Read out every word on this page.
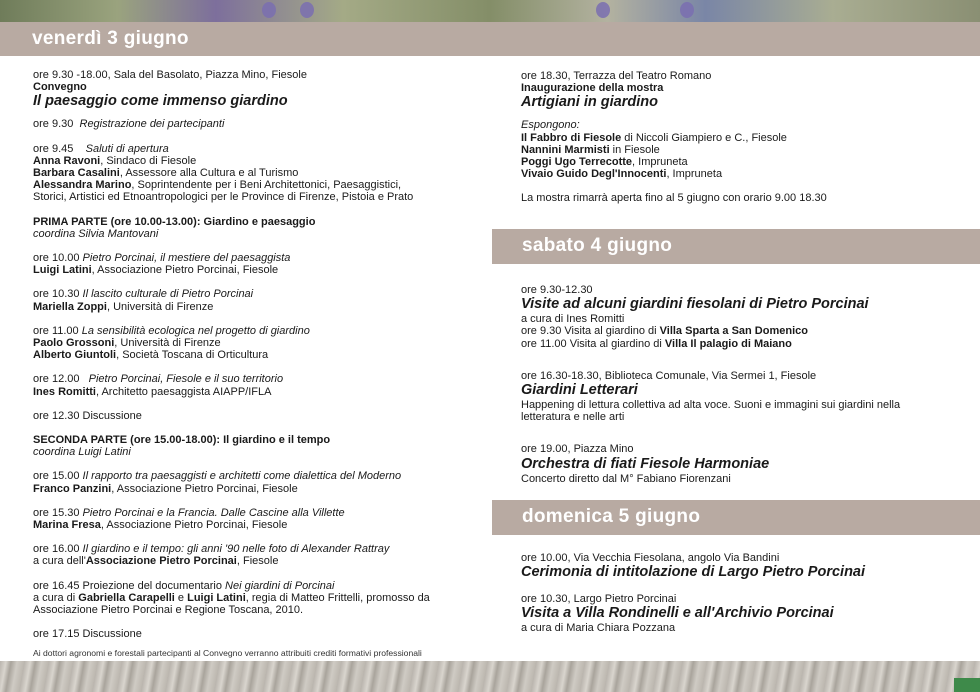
venerdì 3 giugno
sabato 4 giugno
domenica 5 giugno

ore 9.30 -18.00, Sala del Basolato, Piazza Mino, Fiesole

Convegno

Il paesaggio come immenso giardino

ore 9.30 Registrazione dei partecipanti

ore 9.45 Saluti di apertura

Anna Ravoni, Sindaco di Fiesole

Barbara Casalini, Assessore alla Cultura e al Turismo

Alessandra Marino, Soprintendente per i Beni Architettonici, Paesaggistici,

Storici, Artistici ed Etnoantropologici per le Province di Firenze, Pistoia e Prato

PRIMA PARTE (ore 10.00-13.00): Giardino e paesaggio

coordina Silvia Mantovani

ore 10.00 Pietro Porcinai, il mestiere del paesaggista

Luigi Latini, Associazione Pietro Porcinai, Fiesole

ore 10.30 Il lascito culturale di Pietro Porcinai

Mariella Zoppi, Università di Firenze

ore 11.00 La sensibilità ecologica nel progetto di giardino

Paolo Grossoni, Università di Firenze

Alberto Giuntoli, Società Toscana di Orticultura

ore 12.00 Pietro Porcinai, Fiesole e il suo territorio

Ines Romitti, Architetto paesaggista AIAPP/IFLA

ore 12.30 Discussione

SECONDA PARTE (ore 15.00-18.00): Il giardino e il tempo

coordina Luigi Latini

ore 15.00 Il rapporto tra paesaggisti e architetti come dialettica del Moderno

Franco Panzini, Associazione Pietro Porcinai, Fiesole

ore 15.30 Pietro Porcinai e la Francia. Dalle Cascine alla Villette

Marina Fresa, Associazione Pietro Porcinai, Fiesole

ore 16.00 Il giardino e il tempo: gli anni '90 nelle foto di Alexander Rattray

a cura dell'Associazione Pietro Porcinai, Fiesole

ore 16.45 Proiezione del documentario Nei giardini di Porcinai

a cura di Gabriella Carapelli e Luigi Latini, regia di Matteo Frittelli, promosso da

Associazione Pietro Porcinai e Regione Toscana, 2010.

ore 17.15 Discussione

Ai dottori agronomi e forestali partecipanti al Convegno verranno attribuiti crediti formativi professionali

ore 18.30, Terrazza del Teatro Romano

Inaugurazione della mostra

Artigiani in giardino

Espongono:

Il Fabbro di Fiesole di Niccoli Giampiero e C., Fiesole

Nannini Marmisti in Fiesole

Poggi Ugo Terrecotte, Impruneta

Vivaio Guido Degl'Innocenti, Impruneta

La mostra rimarrà aperta fino al 5 giugno con orario 9.00 18.30

ore 9.30-12.30

Visite ad alcuni giardini fiesolani di Pietro Porcinai

a cura di Ines Romitti

ore 9.30 Visita al giardino di Villa Sparta a San Domenico

ore 11.00 Visita al giardino di Villa Il palagio di Maiano

ore 16.30-18.30, Biblioteca Comunale, Via Sermei 1, Fiesole

Giardini Letterari

Happening di lettura collettiva ad alta voce. Suoni e immagini sui giardini nella

letteratura e nelle arti

ore 19.00, Piazza Mino

Orchestra di fiati Fiesole Harmoniae

Concerto diretto dal M° Fabiano Fiorenzani

ore 10.00, Via Vecchia Fiesolana, angolo Via Bandini

Cerimonia di intitolazione di Largo Pietro Porcinai

ore 10.30, Largo Pietro Porcinai

Visita a Villa Rondinelli e all'Archivio Porcinai

a cura di Maria Chiara Pozzana
